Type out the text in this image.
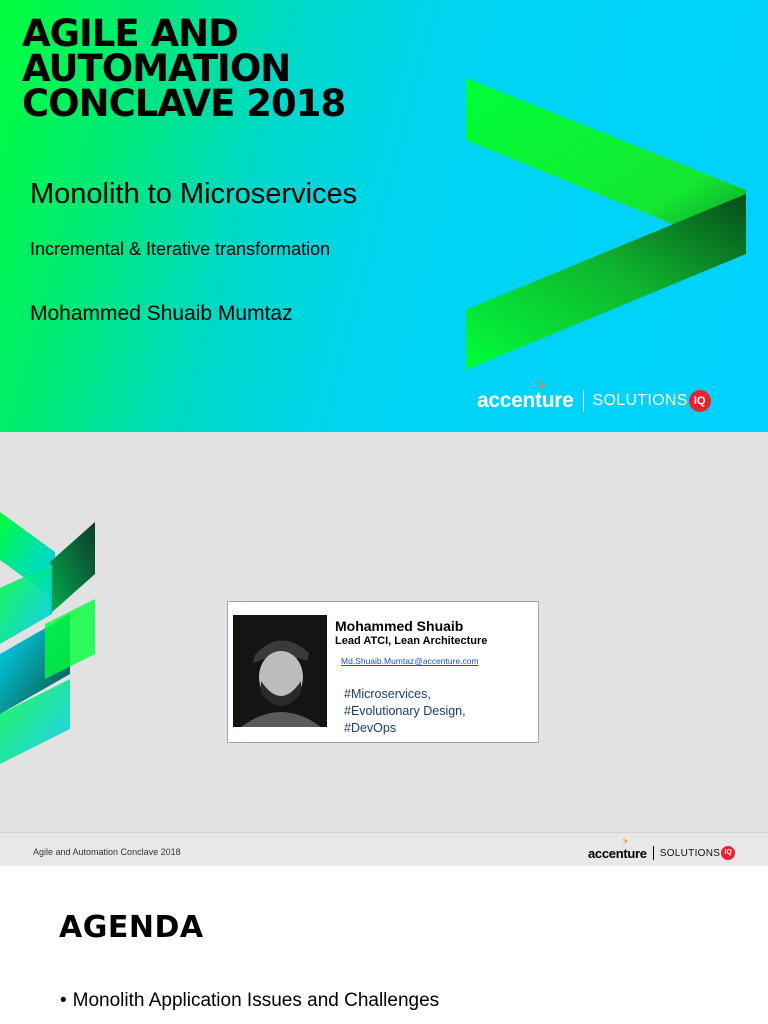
AGILE AND
AUTOMATION
CONCLAVE 2018
Monolith to Microservices
Incremental & Iterative transformation
Mohammed Shuaib Mumtaz
accenture SOLUTIONS IQ
>
Mohammed Shuaib
Lead ATCI, Lean Architecture
Md.Shuaib.Mumtaz@accenture.com
#Microservices,
#Evolutionary Design,
#DevOps
Agile and Automation Conclave 2018	accenture
>
SOLUTIONS IQ
AGENDA
• Monolith Application Issues and Challenges
